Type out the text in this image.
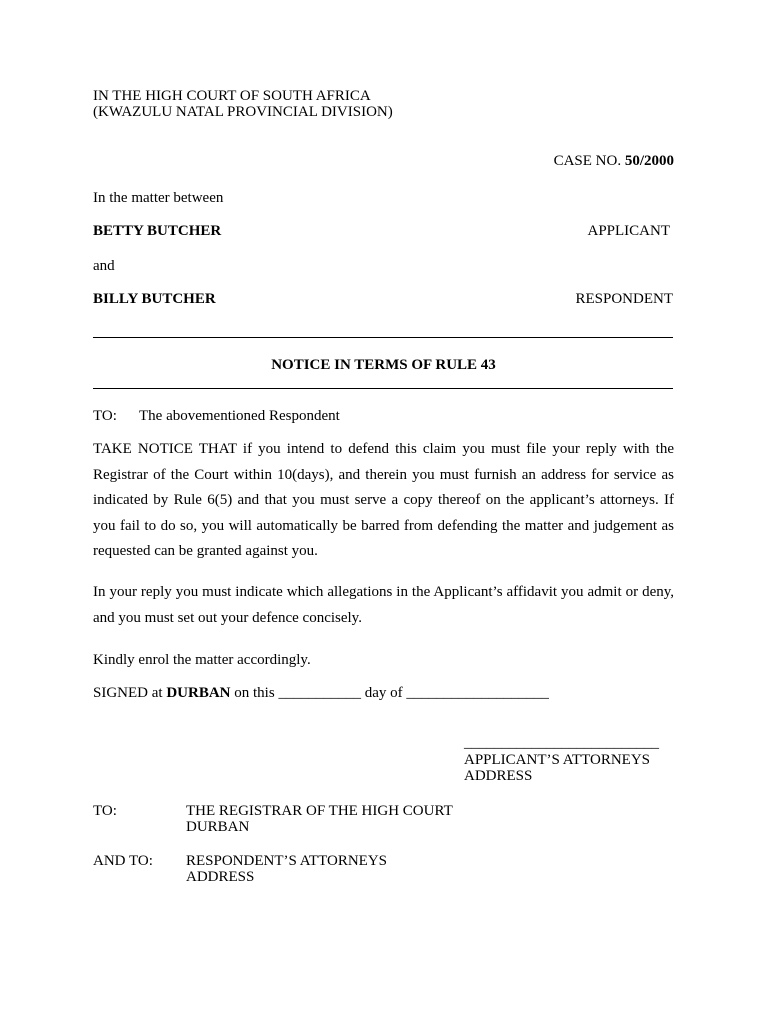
IN THE HIGH COURT OF SOUTH AFRICA
(KWAZULU NATAL PROVINCIAL DIVISION)
CASE NO. 50/2000
In the matter between
BETTY BUTCHER	APPLICANT
and
BILLY BUTCHER	RESPONDENT
NOTICE IN TERMS OF RULE 43
TO: The abovementioned Respondent
TAKE NOTICE THAT if you intend to defend this claim you must file your reply with the Registrar of the Court within 10(days), and therein you must furnish an address for service as indicated by Rule 6(5) and that you must serve a copy thereof on the applicant’s attorneys. If you fail to do so, you will automatically be barred from defending the matter and judgement as requested can be granted against you.
In your reply you must indicate which allegations in the Applicant’s affidavit you admit or deny, and you must set out your defence concisely.
Kindly enrol the matter accordingly.
SIGNED at DURBAN on this ___________ day of ___________________
__________________________
APPLICANT’S ATTORNEYS
ADDRESS
TO:	THE REGISTRAR OF THE HIGH COURT
DURBAN
AND TO: RESPONDENT’S ATTORNEYS
ADDRESS
